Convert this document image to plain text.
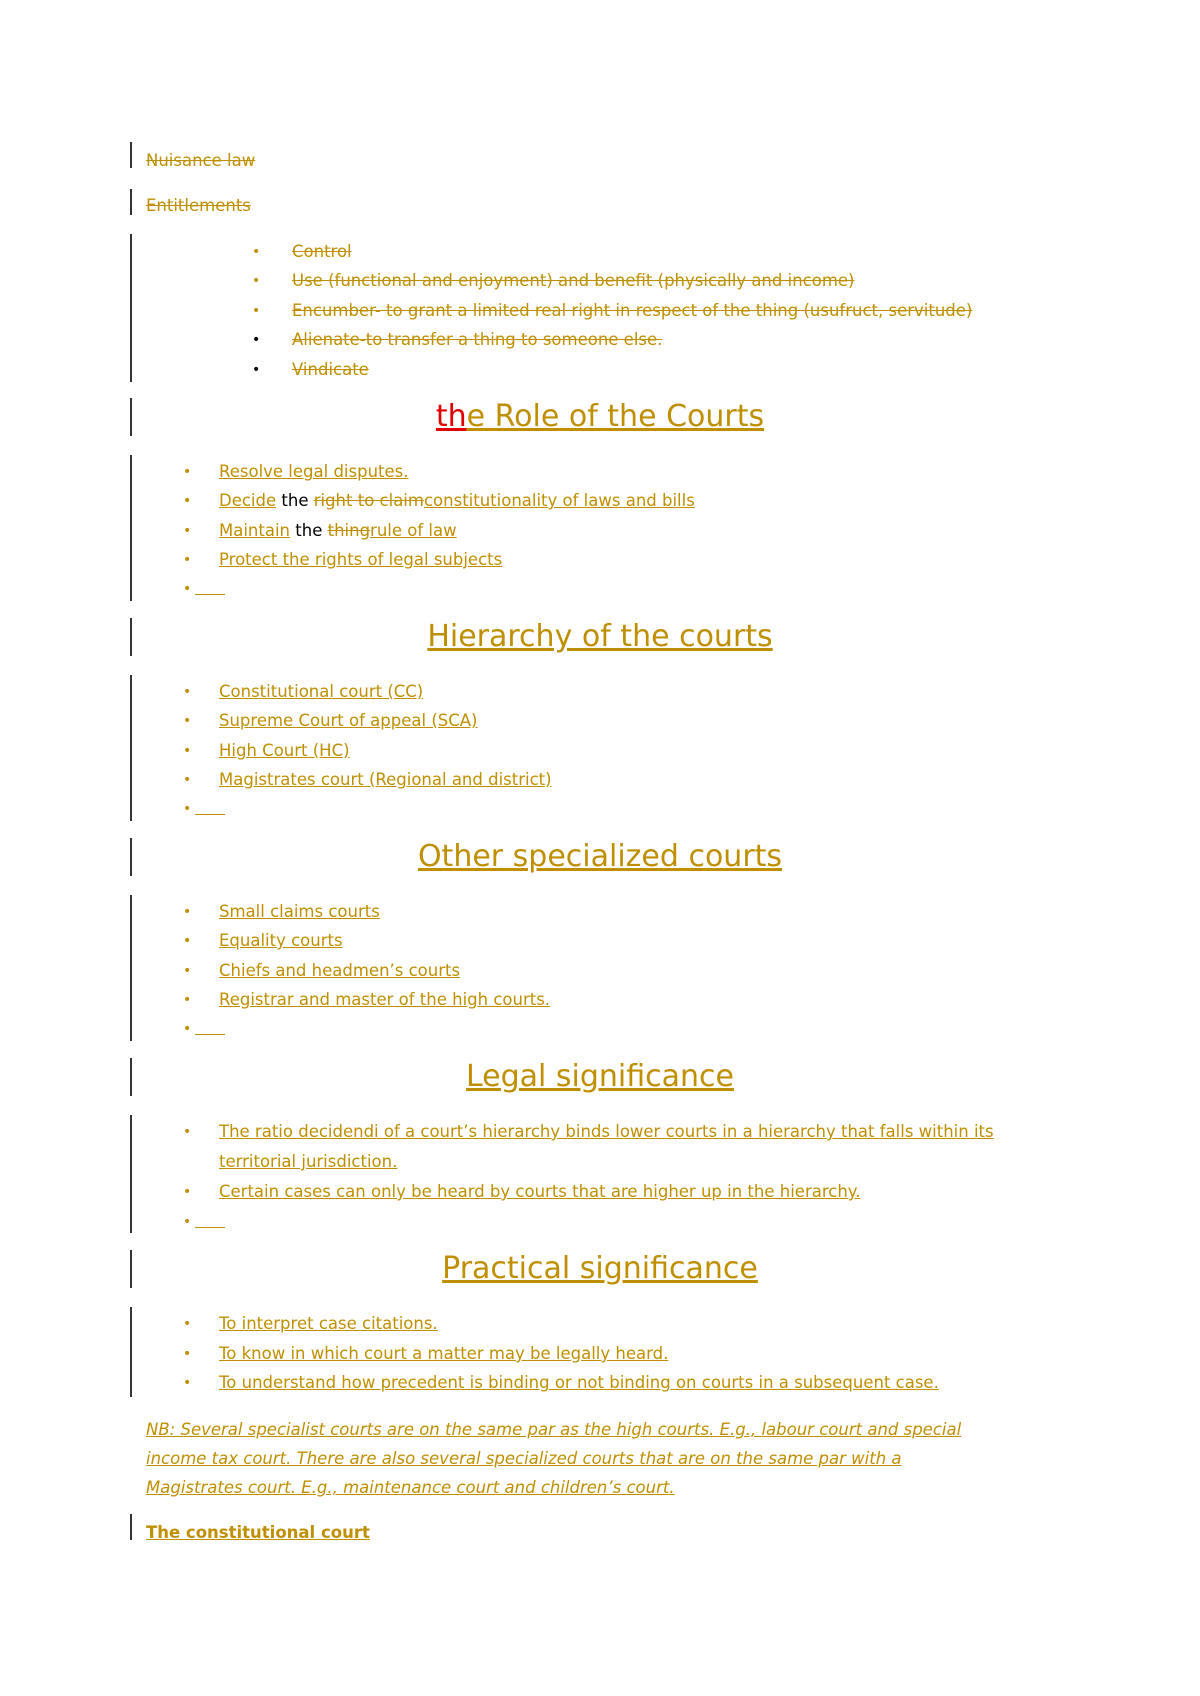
Nuisance law
Entitlements
• Control
• Use (functional and enjoyment) and benefit (physically and income)
• Encumber- to grant a limited real right in respect of the thing (usufruct, servitude)
• Alienate-to transfer a thing to someone else.
• Vindicate
the Role of the Courts
• Resolve legal disputes.
• Decide the right to claimconstitutionality of laws and bills
• Maintain the thingrule of law
• Protect the rights of legal subjects
•
Hierarchy of the courts
• Constitutional court (CC)
• Supreme Court of appeal (SCA)
• High Court (HC)
• Magistrates court (Regional and district)
•
Other specialized courts
• Small claims courts
• Equality courts
• Chiefs and headmen’s courts
• Registrar and master of the high courts.
•
Legal significance
• The ratio decidendi of a court’s hierarchy binds lower courts in a hierarchy that falls within its
territorial jurisdiction.
• Certain cases can only be heard by courts that are higher up in the hierarchy.
•
Practical significance
• To interpret case citations.
• To know in which court a matter may be legally heard.
• To understand how precedent is binding or not binding on courts in a subsequent case.
NB: Several specialist courts are on the same par as the high courts. E.g., labour court and special
income tax court. There are also several specialized courts that are on the same par with a
Magistrates court. E.g., maintenance court and children’s court.
The constitutional court
